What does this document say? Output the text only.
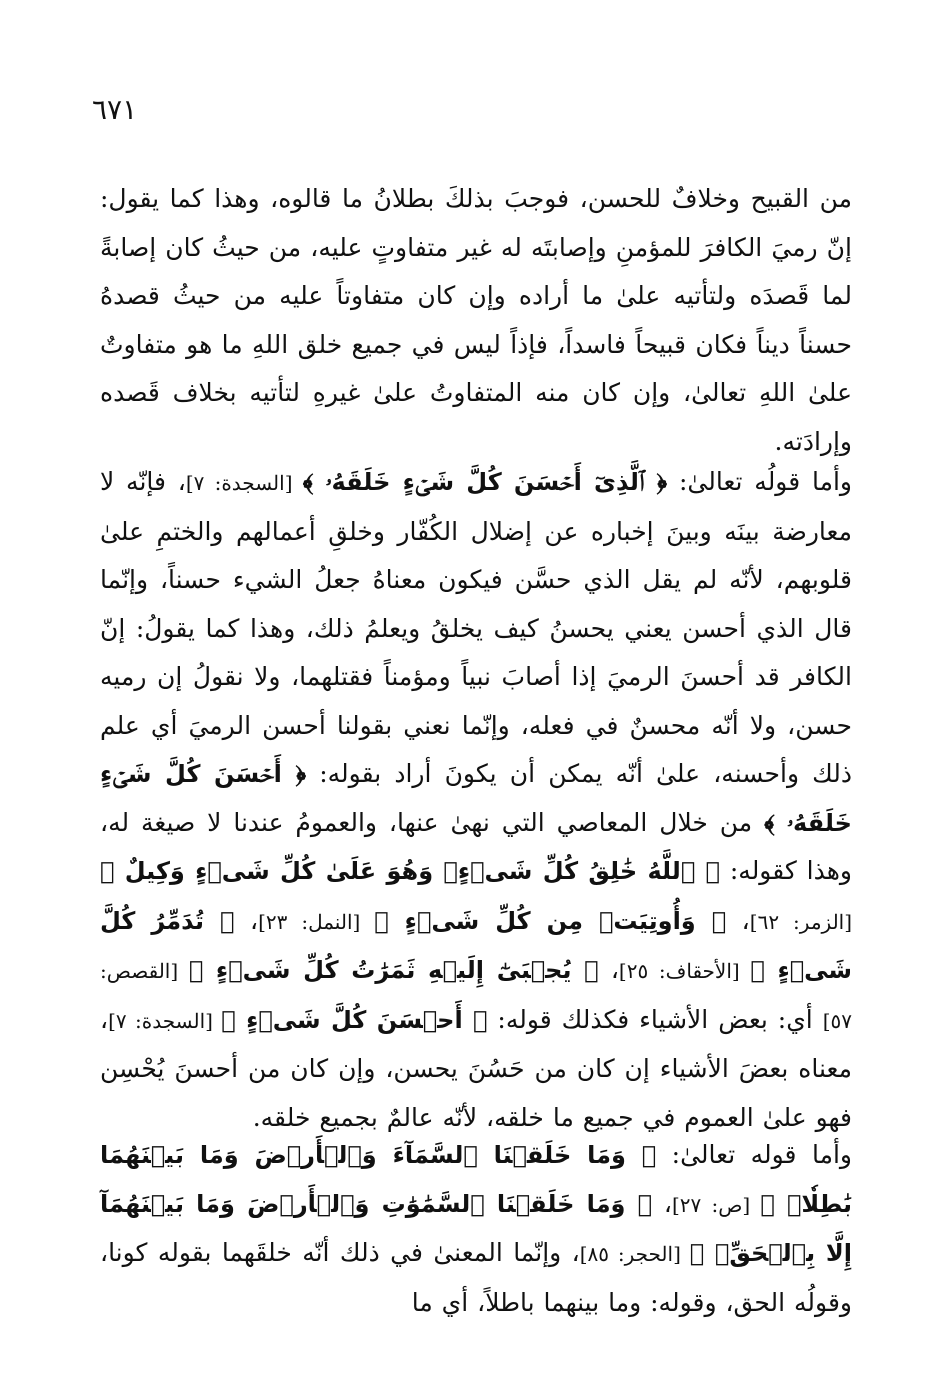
٦٧١

من القبيح وخلافٌ للحسن، فوجبَ بذلكَ بطلانُ ما قالوه، وهذا كما يقول: إنّ رميَ الكافرَ للمؤمنِ وإصابتَه له غير متفاوتٍ عليه، من حيثُ كان إصابةً لما قَصدَه ولتأتيه علىٰ ما أراده وإن كان متفاوتاً عليه من حيثُ قصدهُ حسناً ديناً فكان قبيحاً فاسداً، فإذاً ليس في جميع خلق اللهِ ما هو متفاوتٌ علىٰ اللهِ تعالىٰ، وإن كان منه المتفاوتُ علىٰ غيرهِ لتأتيه بخلاف قَصده وإرادَته.

وأما قولُه تعالىٰ: ﴿ ٱلَّذِىٓ أَحۡسَنَ كُلَّ شَىۡءٍ خَلَقَهُۥ ﴾ [السجدة: ٧]، فإنّه لا معارضة بينَه وبينَ إخباره عن إضلال الكُفّار وخلقِ أعمالهم والختمِ علىٰ قلوبهم، لأنّه لم يقل الذي حسَّن فيكون معناهُ جعلُ الشيء حسناً، وإنّما قال الذي أحسن يعني يحسنُ كيف يخلقُ ويعلمُ ذلك، وهذا كما يقولُ: إنّ الكافر قد أحسنَ الرميَ إذا أصابَ نبياً ومؤمناً فقتلهما، ولا نقولُ إن رميه حسن، ولا أنّه محسنٌ في فعله، وإنّما نعني بقولنا أحسن الرميَ أي علم ذلك وأحسنه، علىٰ أنّه يمكن أن يكونَ أراد بقوله: ﴿ أَحۡسَنَ كُلَّ شَىۡءٍ خَلَقَهُۥ ﴾ من خلال المعاصي التي نهىٰ عنها، والعمومُ عندنا لا صيغة له، وهذا كقوله: ﴿ ٱللَّهُ خَٰلِقُ كُلِّ شَىۡءٍۖ وَهُوَ عَلَىٰ كُلِّ شَىۡءٍ وَكِيلٌ ﴾ [الزمر: ٦٢]، ﴿ وَأُوتِيَتۡ مِن كُلِّ شَىۡءٍ ﴾ [النمل: ٢٣]، ﴿ تُدَمِّرُ كُلَّ شَىۡءٍ ﴾ [الأحقاف: ٢٥]، ﴿ يُجۡبَىٰٓ إِلَيۡهِ ثَمَرَٰتُ كُلِّ شَىۡءٍ ﴾ [القصص: ٥٧] أي: بعض الأشياء فكذلك قوله: ﴿ أَحۡسَنَ كُلَّ شَىۡءٍ ﴾ [السجدة: ٧]، معناه بعضَ الأشياء إن كان من حَسُنَ يحسن، وإن كان من أحسنَ يُحْسِن فهو علىٰ العموم في جميع ما خلقه، لأنّه عالمٌ بجميع خلقه.

وأما قوله تعالىٰ: ﴿ وَمَا خَلَقۡنَا ٱلسَّمَآءَ وَٱلۡأَرۡضَ وَمَا بَيۡنَهُمَا بَٰطِلٗاۚ ﴾ [ص: ٢٧]، ﴿ وَمَا خَلَقۡنَا ٱلسَّمَٰوَٰتِ وَٱلۡأَرۡضَ وَمَا بَيۡنَهُمَآ إِلَّا بِٱلۡحَقِّۗ ﴾ [الحجر: ٨٥]، وإنّما المعنىٰ في ذلك أنّه خلقَهما بقوله كونا، وقولُه الحق، وقوله: وما بينهما باطلاً، أي ما
